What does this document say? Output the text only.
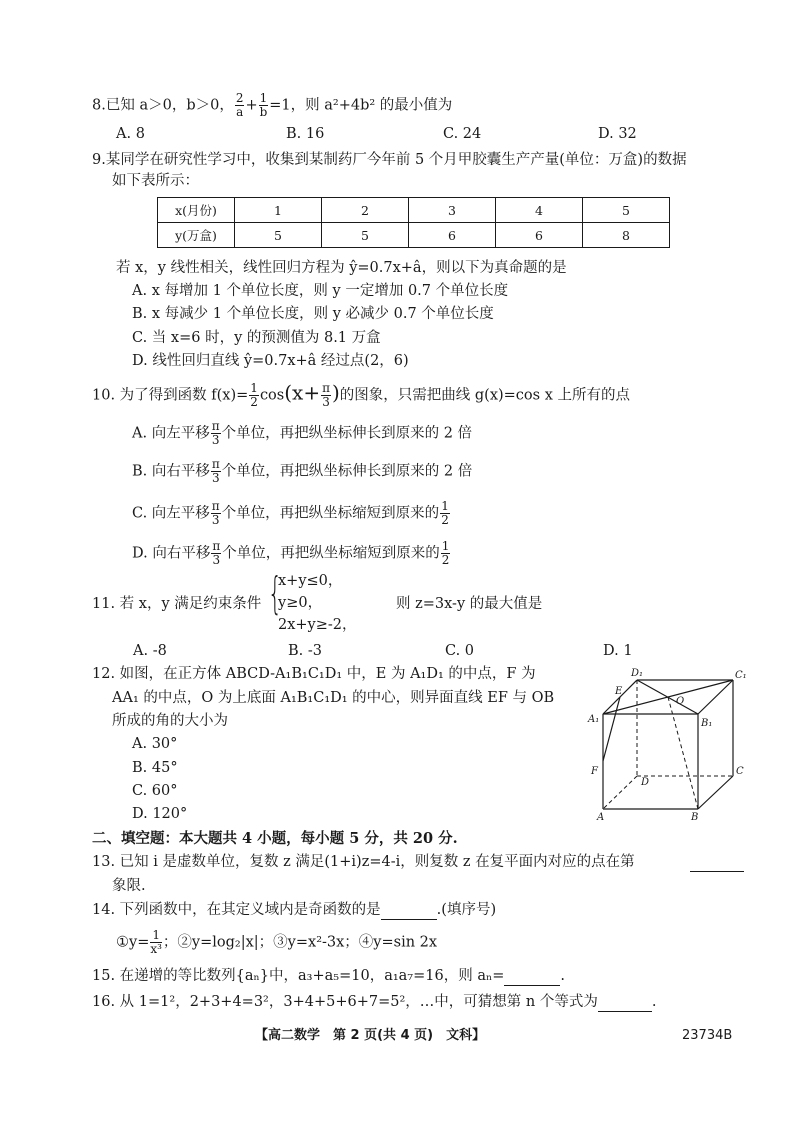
8.已知 a＞0，b＞0， $\frac{2}{a} + \frac{1}{b} =1$，则 a²+4b² 的最小值为
A. 8	B. 16	C. 24	D. 32
9.某同学在研究性学习中，收集到某制药厂今年前 5 个月甲胶囊生产产量(单位：万盒)的数据
如下表所示：
x(月份)	1	2	3	4	5
y(万盒)	5	5	6	6	8
若 x，y 线性相关，线性回归方程为 ŷ=0.7x+â，则以下为真命题的是
A. x 每增加 1 个单位长度，则 y 一定增加 0.7 个单位长度
B. x 每减少 1 个单位长度，则 y 必减少 0.7 个单位长度
C. 当 x=6 时，y 的预测值为 8.1 万盒
D. 线性回归直线 ŷ=0.7x+â 经过点(2，6)
10. 为了得到函数 $f(x)= \frac{1}{2} \cos(x+ \frac{\pi}{3}$ )的图象，只需把曲线 g(x)=cos x 上所有的点
A. 向左平移 $\frac{\pi}{3}$ 个单位，再把纵坐标伸长到原来的 2 倍
B. 向右平移 $\frac{\pi}{3}$ 个单位，再把纵坐标伸长到原来的 2 倍
C. 向左平移 $\frac{\pi}{3}$ 个单位，再把纵坐标缩短到原来的 $\frac{1}{2}$
D. 向右平移 $\frac{\pi}{3}$ 个单位，再把纵坐标缩短到原来的 $\frac{1}{2}$
11. 若 x，y 满足约束条件 {
x+y≤0，
y≥0，
2x+y≥-2，
则 z=3x-y 的最大值是
A. -8	B. -3	C. 0	D. 1
12. 如图，在正方体 ABCD-A₁B₁C₁D₁ 中，E 为 A₁D₁ 的中点，F 为
AA₁ 的中点，O 为上底面 A₁B₁C₁D₁ 的中心，则异面直线 EF 与 OB
所成的角的大小为
A. 30°
B. 45°
C. 60°
D. 120°
D₁	C₁
E
O
A₁	B₁
F
D
C
A	B
二、填空题：本大题共 4 小题，每小题 5 分，共 20 分.
13. 已知 i 是虚数单位，复数 z 满足(1+i)z=4-i，则复数 z 在复平面内对应的点在第
象限.
14. 下列函数中，在其定义域内是奇函数的是	.(填序号)
①y= $\frac{1}{\text{x³}}$ ；②y=log₂|x|；③y=x²-3x；④y=sin 2x
15. 在递增的等比数列{aₙ}中，a₃+a₅=10，a₁a₇=16，则 aₙ=	.
16. 从 1=1²，2+3+4=3²，3+4+5+6+7=5²，…中，可猜想第 n 个等式为	.
【高二数学　第 2 页(共 4 页)　文科】	23734B
